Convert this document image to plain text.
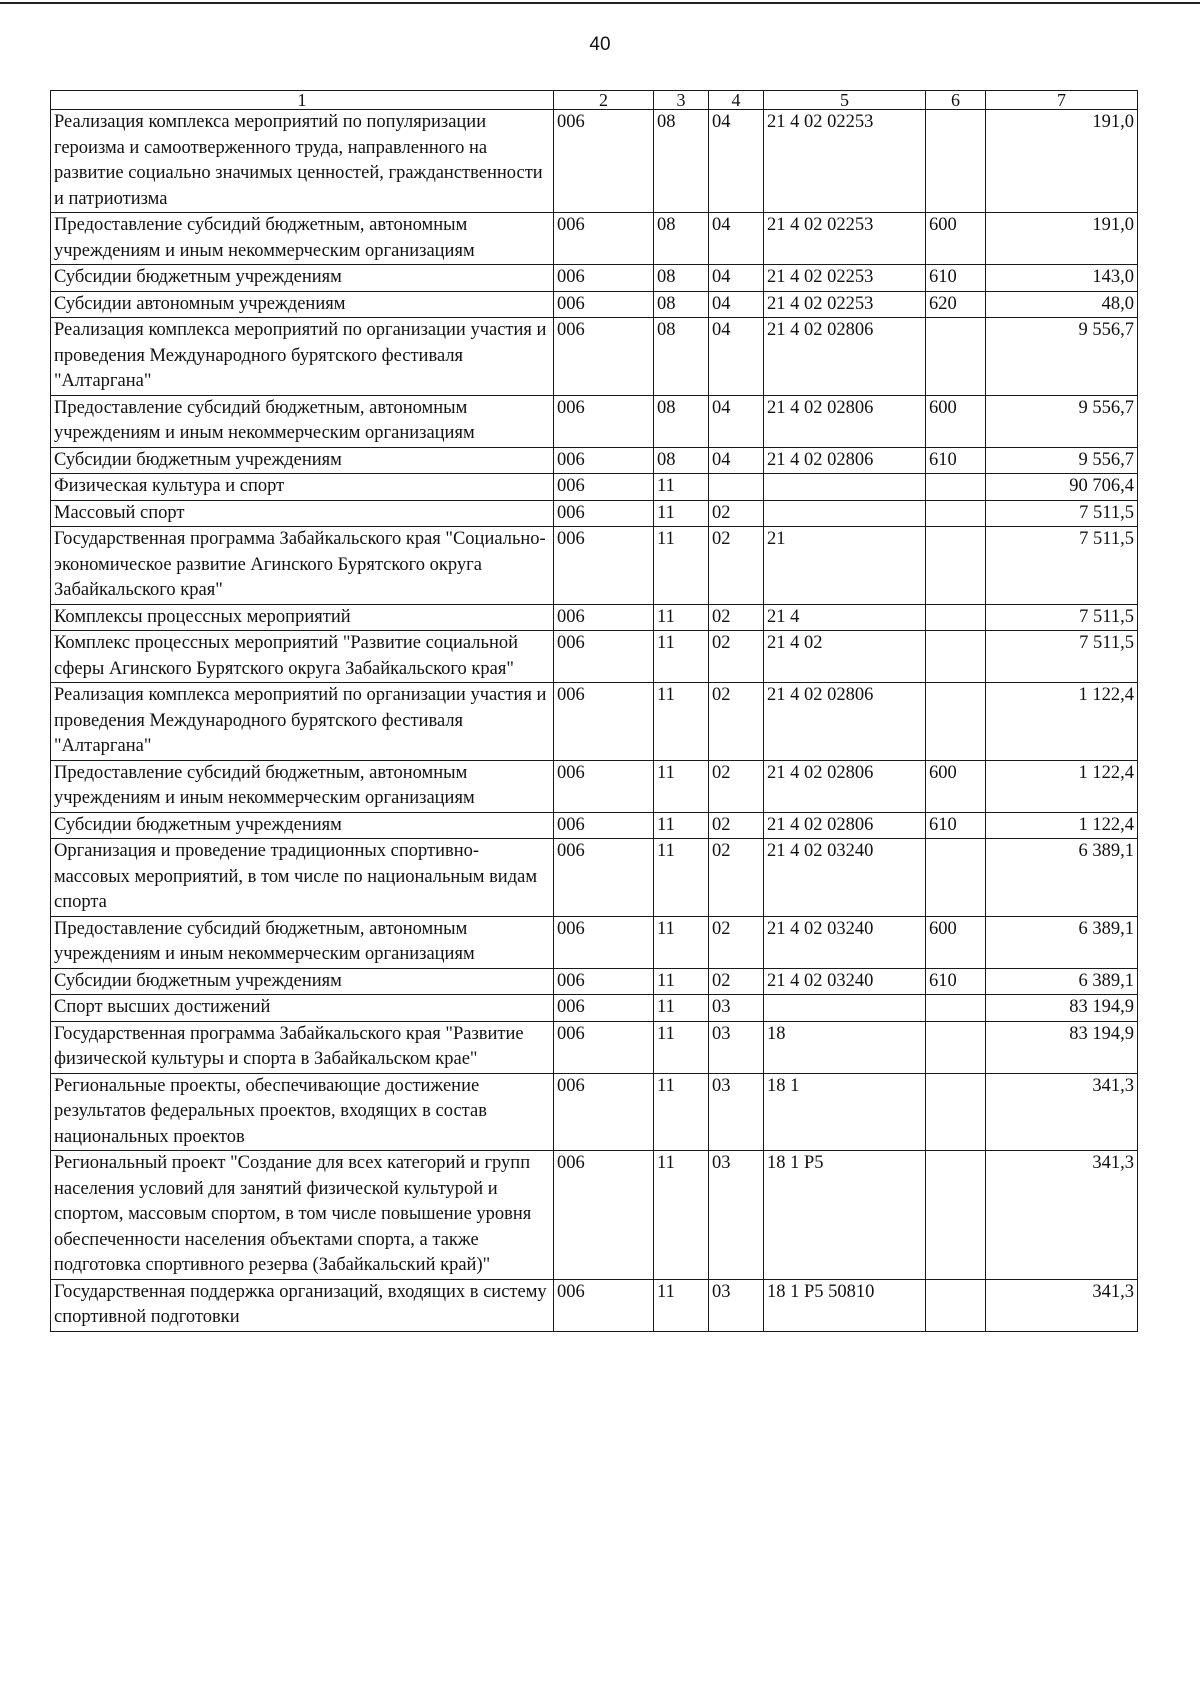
40
1	2	3	4	5	6	7
Реализация комплекса мероприятий по популяризации героизма и самоотверженного труда, направленного на развитие социально значимых ценностей, гражданственности и патриотизма	006	08	04	21 4 02 02253		191,0
Предоставление субсидий бюджетным, автономным учреждениям и иным некоммерческим организациям	006	08	04	21 4 02 02253	600	191,0
Субсидии бюджетным учреждениям	006	08	04	21 4 02 02253	610	143,0
Субсидии автономным учреждениям	006	08	04	21 4 02 02253	620	48,0
Реализация комплекса мероприятий по организации участия и проведения Международного бурятского фестиваля "Алтаргана"	006	08	04	21 4 02 02806		9 556,7
Предоставление субсидий бюджетным, автономным учреждениям и иным некоммерческим организациям	006	08	04	21 4 02 02806	600	9 556,7
Субсидии бюджетным учреждениям	006	08	04	21 4 02 02806	610	9 556,7
Физическая культура и спорт	006	11				90 706,4
Массовый спорт	006	11	02			7 511,5
Государственная программа Забайкальского края "Социально-экономическое развитие Агинского Бурятского округа Забайкальского края"	006	11	02	21		7 511,5
Комплексы процессных мероприятий	006	11	02	21 4		7 511,5
Комплекс процессных мероприятий "Развитие социальной сферы Агинского Бурятского округа Забайкальского края"	006	11	02	21 4 02		7 511,5
Реализация комплекса мероприятий по организации участия и проведения Международного бурятского фестиваля "Алтаргана"	006	11	02	21 4 02 02806		1 122,4
Предоставление субсидий бюджетным, автономным учреждениям и иным некоммерческим организациям	006	11	02	21 4 02 02806	600	1 122,4
Субсидии бюджетным учреждениям	006	11	02	21 4 02 02806	610	1 122,4
Организация и проведение традиционных спортивно-массовых мероприятий, в том числе по национальным видам спорта	006	11	02	21 4 02 03240		6 389,1
Предоставление субсидий бюджетным, автономным учреждениям и иным некоммерческим организациям	006	11	02	21 4 02 03240	600	6 389,1
Субсидии бюджетным учреждениям	006	11	02	21 4 02 03240	610	6 389,1
Спорт высших достижений	006	11	03			83 194,9
Государственная программа Забайкальского края "Развитие физической культуры и спорта в Забайкальском крае"	006	11	03	18		83 194,9
Региональные проекты, обеспечивающие достижение результатов федеральных проектов, входящих в состав национальных проектов	006	11	03	18 1		341,3
Региональный проект "Создание для всех категорий и групп населения условий для занятий физической культурой и спортом, массовым спортом, в том числе повышение уровня обеспеченности населения объектами спорта, а также подготовка спортивного резерва (Забайкальский край)"	006	11	03	18 1 P5		341,3
Государственная поддержка организаций, входящих в систему спортивной подготовки	006	11	03	18 1 P5 50810		341,3
